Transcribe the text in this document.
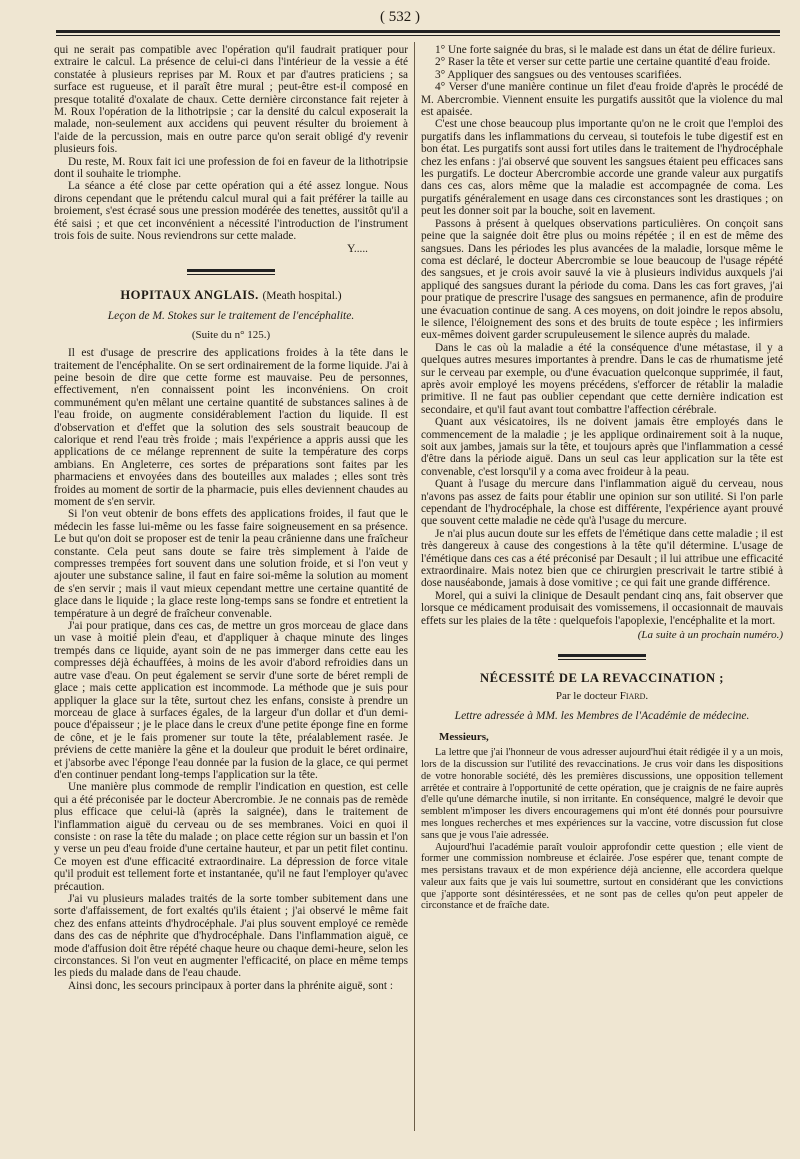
( 532 )

qui ne serait pas compatible avec l'opération qu'il faudrait pratiquer pour extraire le calcul. La présence de celui-ci dans l'intérieur de la vessie a été constatée à plusieurs reprises par M. Roux et par d'autres praticiens ; sa surface est rugueuse, et il paraît être mural ; peut-être est-il composé en presque totalité d'oxalate de chaux. Cette dernière circonstance fait rejeter à M. Roux l'opération de la lithotripsie ; car la densité du calcul exposerait la malade, non-seulement aux accidens qui peuvent résulter du broiement à l'aide de la percussion, mais en outre parce qu'on serait obligé d'y revenir plusieurs fois.

Du reste, M. Roux fait ici une profession de foi en faveur de la lithotripsie dont il souhaite le triomphe.

La séance a été close par cette opération qui a été assez longue. Nous dirons cependant que le prétendu calcul mural qui a fait préférer la taille au broiement, s'est écrasé sous une pression modérée des tenettes, aussitôt qu'il a été saisi ; et que cet inconvénient a nécessité l'introduction de l'instrument trois fois de suite. Nous reviendrons sur cette malade.

Y.....
HOPITAUX ANGLAIS. (Meath hospital.)
Leçon de M. Stokes sur le traitement de l'encéphalite.
(Suite du n° 125.)

Il est d'usage de prescrire des applications froides à la tête dans le traitement de l'encéphalite. On se sert ordinairement de la forme liquide. J'ai à peine besoin de dire que cette forme est mauvaise. Peu de personnes, effectivement, n'en connaissent point les inconvéniens. On croit communément qu'en mêlant une certaine quantité de substances salines à de l'eau froide, on augmente considérablement l'action du liquide. Il est d'observation et d'effet que la solution des sels soustrait beaucoup de calorique et rend l'eau très froide ; mais l'expérience a appris aussi que les applications de ce mélange reprennent de suite la température des corps ambians. En Angleterre, ces sortes de préparations sont faites par les pharmaciens et envoyées dans des bouteilles aux malades ; elles sont très froides au moment de sortir de la pharmacie, puis elles deviennent chaudes au moment de s'en servir.

Si l'on veut obtenir de bons effets des applications froides, il faut que le médecin les fasse lui-même ou les fasse faire soigneusement en sa présence. Le but qu'on doit se proposer est de tenir la peau crânienne dans une fraîcheur constante. Cela peut sans doute se faire très simplement à l'aide de compresses trempées fort souvent dans une solution froide, et si l'on veut y ajouter une substance saline, il faut en faire soi-même la solution au moment de s'en servir ; mais il vaut mieux cependant mettre une certaine quantité de glace dans le liquide ; la glace reste long-temps sans se fondre et entretient la température à un degré de fraîcheur convenable.

J'ai pour pratique, dans ces cas, de mettre un gros morceau de glace dans un vase à moitié plein d'eau, et d'appliquer à chaque minute des linges trempés dans ce liquide, ayant soin de ne pas immerger dans cette eau les compresses déjà échauffées, à moins de les avoir d'abord refroidies dans un autre vase d'eau. On peut également se servir d'une sorte de béret rempli de glace ; mais cette application est incommode. La méthode que je suis pour appliquer la glace sur la tête, surtout chez les enfans, consiste à prendre un morceau de glace à surfaces égales, de la largeur d'un dollar et d'un demi-pouce d'épaisseur ; je le place dans le creux d'une petite éponge fine en forme de cône, et je le fais promener sur toute la tête, préalablement rasée. Je préviens de cette manière la gêne et la douleur que produit le béret ordinaire, et j'absorbe avec l'éponge l'eau donnée par la fusion de la glace, ce qui permet d'en continuer pendant long-temps l'application sur la tête.

Une manière plus commode de remplir l'indication en question, est celle qui a été préconisée par le docteur Abercrombie. Je ne connais pas de remède plus efficace que celui-là (après la saignée), dans le traitement de l'inflammation aiguë du cerveau ou de ses membranes. Voici en quoi il consiste : on rase la tête du malade ; on place cette région sur un bassin et l'on y verse un peu d'eau froide d'une certaine hauteur, et par un petit filet continu. Ce moyen est d'une efficacité extraordinaire. La dépression de force vitale qu'il produit est tellement forte et instantanée, qu'il ne faut l'employer qu'avec précaution.

J'ai vu plusieurs malades traités de la sorte tomber subitement dans une sorte d'affaissement, de fort exaltés qu'ils étaient ; j'ai observé le même fait chez des enfans atteints d'hydrocéphale. J'ai plus souvent employé ce remède dans des cas de néphrite que d'hydrocéphale. Dans l'inflammation aiguë, ce mode d'affusion doit être répété chaque heure ou chaque demi-heure, selon les circonstances. Si l'on veut en augmenter l'efficacité, on place en même temps les pieds du malade dans de l'eau chaude.

Ainsi donc, les secours principaux à porter dans la phrénite aiguë, sont :

1° Une forte saignée du bras, si le malade est dans un état de délire furieux.

2° Raser la tête et verser sur cette partie une certaine quantité d'eau froide.

3° Appliquer des sangsues ou des ventouses scarifiées.

4° Verser d'une manière continue un filet d'eau froide d'après le procédé de M. Abercrombie. Viennent ensuite les purgatifs aussitôt que la violence du mal est apaisée.

C'est une chose beaucoup plus importante qu'on ne le croit que l'emploi des purgatifs dans les inflammations du cerveau, si toutefois le tube digestif est en bon état. Les purgatifs sont aussi fort utiles dans le traitement de l'hydrocéphale chez les enfans : j'ai observé que souvent les sangsues étaient peu efficaces sans les purgatifs. Le docteur Abercrombie accorde une grande valeur aux purgatifs dans ces cas, alors même que la maladie est accompagnée de coma. Les purgatifs généralement en usage dans ces circonstances sont les drastiques ; on peut les donner soit par la bouche, soit en lavement.

Passons à présent à quelques observations particulières. On conçoit sans peine que la saignée doit être plus ou moins répétée ; il en est de même des sangsues. Dans les périodes les plus avancées de la maladie, lorsque même le coma est déclaré, le docteur Abercrombie se loue beaucoup de l'usage répété des sangsues, et je crois avoir sauvé la vie à plusieurs individus auxquels j'ai appliqué des sangsues durant la période du coma. Dans les cas fort graves, j'ai pour pratique de prescrire l'usage des sangsues en permanence, afin de produire une évacuation continue de sang. A ces moyens, on doit joindre le repos absolu, le silence, l'éloignement des sons et des bruits de toute espèce ; les infirmiers eux-mêmes doivent garder scrupuleusement le silence auprès du malade.

Dans le cas où la maladie a été la conséquence d'une métastase, il y a quelques autres mesures importantes à prendre. Dans le cas de rhumatisme jeté sur le cerveau par exemple, ou d'une évacuation quelconque supprimée, il faut, après avoir employé les moyens précédens, s'efforcer de rétablir la maladie primitive. Il ne faut pas oublier cependant que cette dernière indication est secondaire, et qu'il faut avant tout combattre l'affection cérébrale.

Quant aux vésicatoires, ils ne doivent jamais être employés dans le commencement de la maladie ; je les applique ordinairement soit à la nuque, soit aux jambes, jamais sur la tête, et toujours après que l'inflammation a cessé d'être dans la période aiguë. Dans un seul cas leur application sur la tête est convenable, c'est lorsqu'il y a coma avec froideur à la peau.

Quant à l'usage du mercure dans l'inflammation aiguë du cerveau, nous n'avons pas assez de faits pour établir une opinion sur son utilité. Si l'on parle cependant de l'hydrocéphale, la chose est différente, l'expérience ayant prouvé que souvent cette maladie ne cède qu'à l'usage du mercure.

Je n'ai plus aucun doute sur les effets de l'émétique dans cette maladie ; il est très dangereux à cause des congestions à la tête qu'il détermine. L'usage de l'émétique dans ces cas a été préconisé par Desault ; il lui attribue une efficacité extraordinaire. Mais notez bien que ce chirurgien prescrivait le tartre stibié à dose nauséabonde, jamais à dose vomitive ; ce qui fait une grande différence.

Morel, qui a suivi la clinique de Desault pendant cinq ans, fait observer que lorsque ce médicament produisait des vomissemens, il occasionnait de mauvais effets sur les plaies de la tête : quelquefois l'apoplexie, l'encéphalite et la mort.

(La suite à un prochain numéro.)
NÉCESSITÉ DE LA REVACCINATION ;
Par le docteur Fiard.
Lettre adressée à MM. les Membres de l'Académie de médecine.
Messieurs,

La lettre que j'ai l'honneur de vous adresser aujourd'hui était rédigée il y a un mois, lors de la discussion sur l'utilité des revaccinations. Je crus voir dans les dispositions de votre honorable société, dès les premières discussions, une opposition tellement arrêtée et contraire à l'opportunité de cette opération, que je craignis de ne faire auprès d'elle qu'une démarche inutile, si non irritante. En conséquence, malgré le devoir que semblent m'imposer les divers encouragemens qui m'ont été donnés pour poursuivre mes longues recherches et mes expériences sur la vaccine, votre discussion fut close sans que je vous l'aie adressée.

Aujourd'hui l'académie paraît vouloir approfondir cette question ; elle vient de former une commission nombreuse et éclairée. J'ose espérer que, tenant compte de mes persistans travaux et de mon expérience déjà ancienne, elle accordera quelque valeur aux faits que je vais lui soumettre, surtout en considérant que les convictions que j'apporte sont désintéressées, et ne sont pas de celles qu'on peut appeler de circonstance et de fraîche date.
